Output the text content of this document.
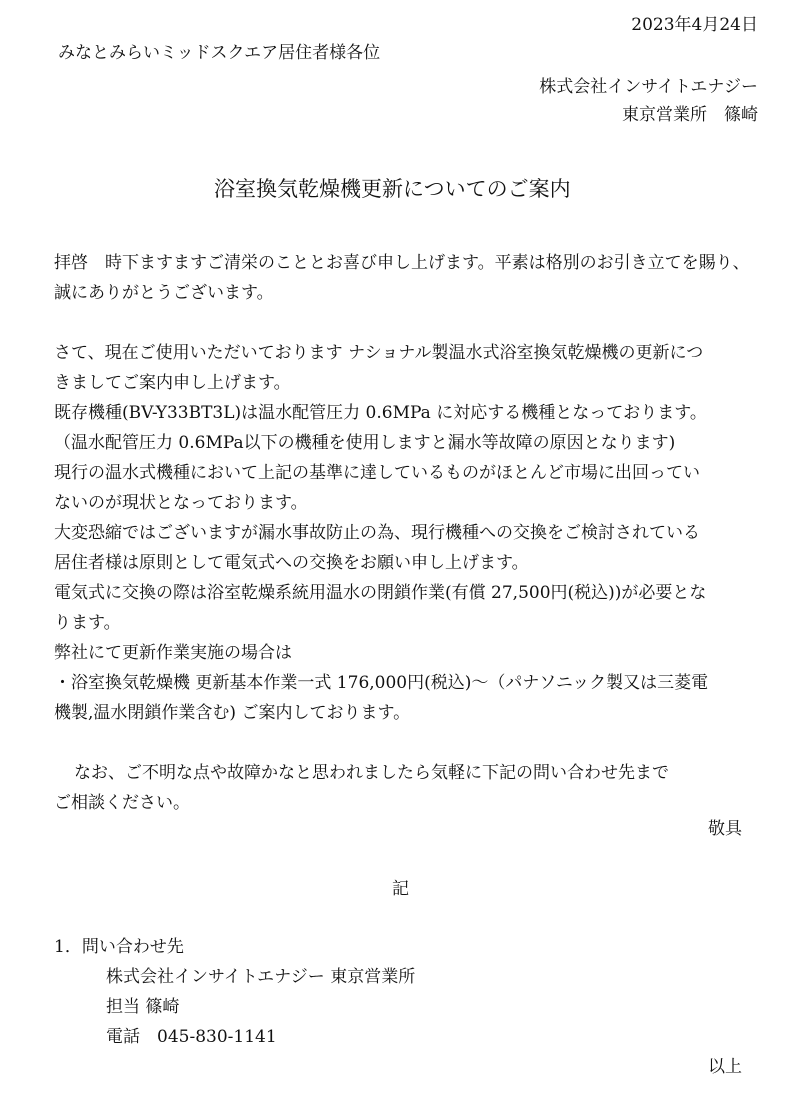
2023年4月24日

みなとみらいミッドスクエア居住者様各位

株式会社インサイトエナジー

東京営業所　篠崎

浴室換気乾燥機更新についてのご案内

拝啓　時下ますますご清栄のこととお喜び申し上げます。平素は格別のお引き立てを賜り、

誠にありがとうございます。

さて、現在ご使用いただいております ナショナル製温水式浴室換気乾燥機の更新につ

きましてご案内申し上げます。

既存機種(BV-Y33BT3L)は温水配管圧力 0.6MPa に対応する機種となっております。

（温水配管圧力 0.6MPa以下の機種を使用しますと漏水等故障の原因となります)

現行の温水式機種において上記の基準に達しているものがほとんど市場に出回ってい

ないのが現状となっております。

大変恐縮ではございますが漏水事故防止の為、現行機種への交換をご検討されている

居住者様は原則として電気式への交換をお願い申し上げます。

電気式に交換の際は浴室乾燥系統用温水の閉鎖作業(有償 27,500円(税込))が必要とな

ります。

弊社にて更新作業実施の場合は

・浴室換気乾燥機 更新基本作業一式 176,000円(税込)～（パナソニック製又は三菱電

機製,温水閉鎖作業含む) ご案内しております。

なお、ご不明な点や故障かなと思われましたら気軽に下記の問い合わせ先まで

ご相談ください。

敬具

記

1．問い合わせ先

株式会社インサイトエナジー 東京営業所

担当 篠崎

電話　045-830-1141

以上
